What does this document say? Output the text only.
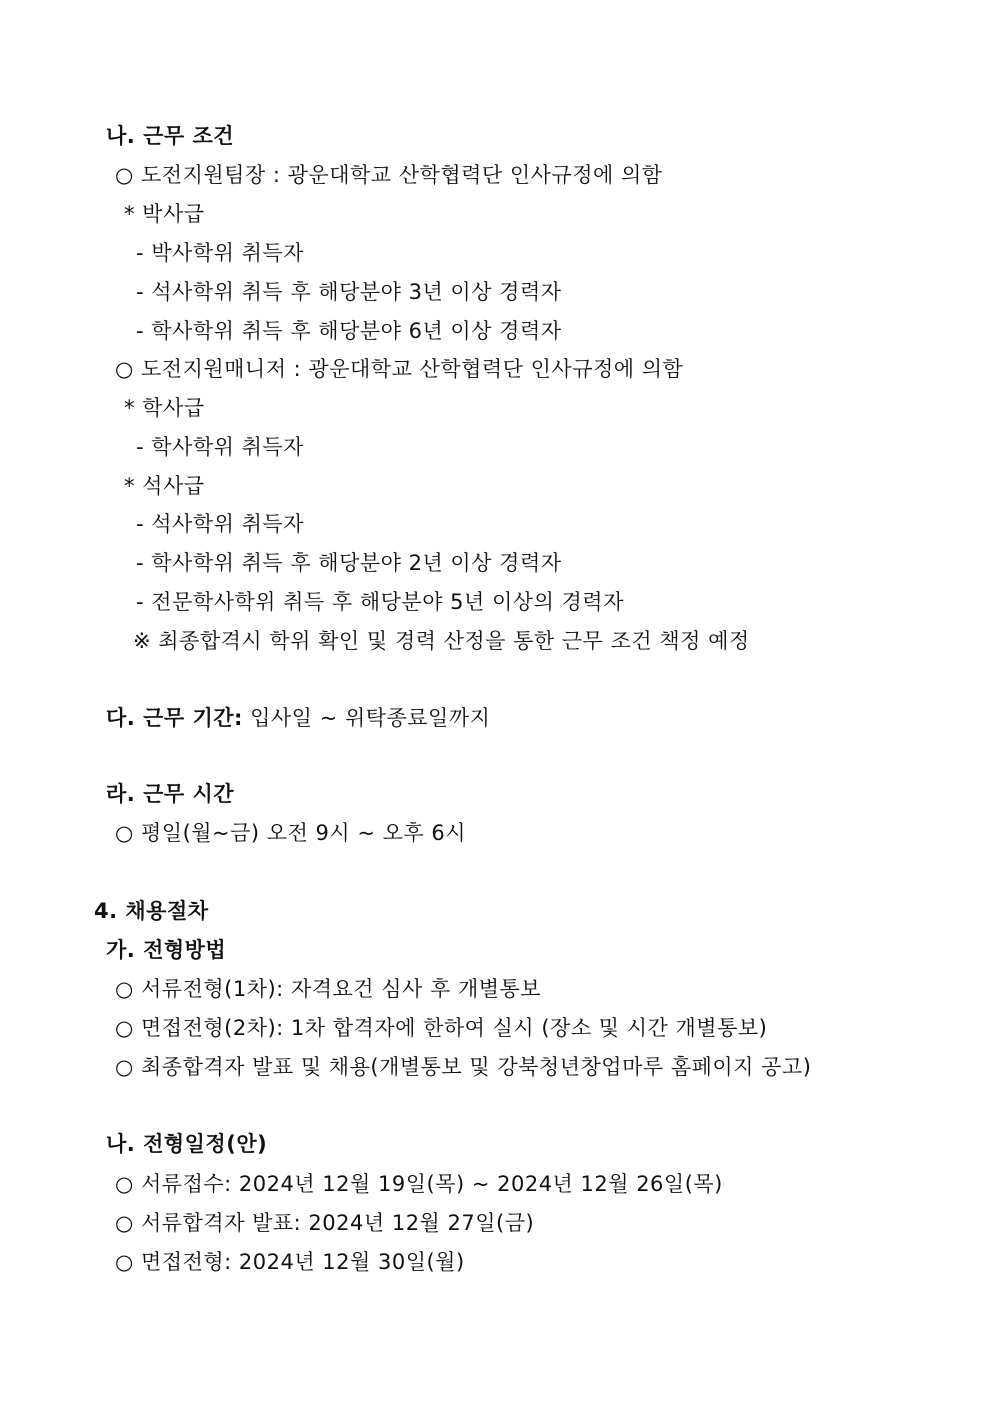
나. 근무 조건
○ 도전지원팀장 : 광운대학교 산학협력단 인사규정에 의함
* 박사급
- 박사학위 취득자
- 석사학위 취득 후 해당분야 3년 이상 경력자
- 학사학위 취득 후 해당분야 6년 이상 경력자
○ 도전지원매니저 : 광운대학교 산학협력단 인사규정에 의함
* 학사급
- 학사학위 취득자
* 석사급
- 석사학위 취득자
- 학사학위 취득 후 해당분야 2년 이상 경력자
- 전문학사학위 취득 후 해당분야 5년 이상의 경력자
※ 최종합격시 학위 확인 및 경력 산정을 통한 근무 조건 책정 예정
다. 근무 기간: 입사일 ~ 위탁종료일까지
라. 근무 시간
○ 평일(월~금) 오전 9시 ~ 오후 6시
4. 채용절차
가. 전형방법
○ 서류전형(1차): 자격요건 심사 후 개별통보
○ 면접전형(2차): 1차 합격자에 한하여 실시 (장소 및 시간 개별통보)
○ 최종합격자 발표 및 채용(개별통보 및 강북청년창업마루 홈페이지 공고)
나. 전형일정(안)
○ 서류접수: 2024년 12월 19일(목) ~ 2024년 12월 26일(목)
○ 서류합격자 발표: 2024년 12월 27일(금)
○ 면접전형: 2024년 12월 30일(월)
